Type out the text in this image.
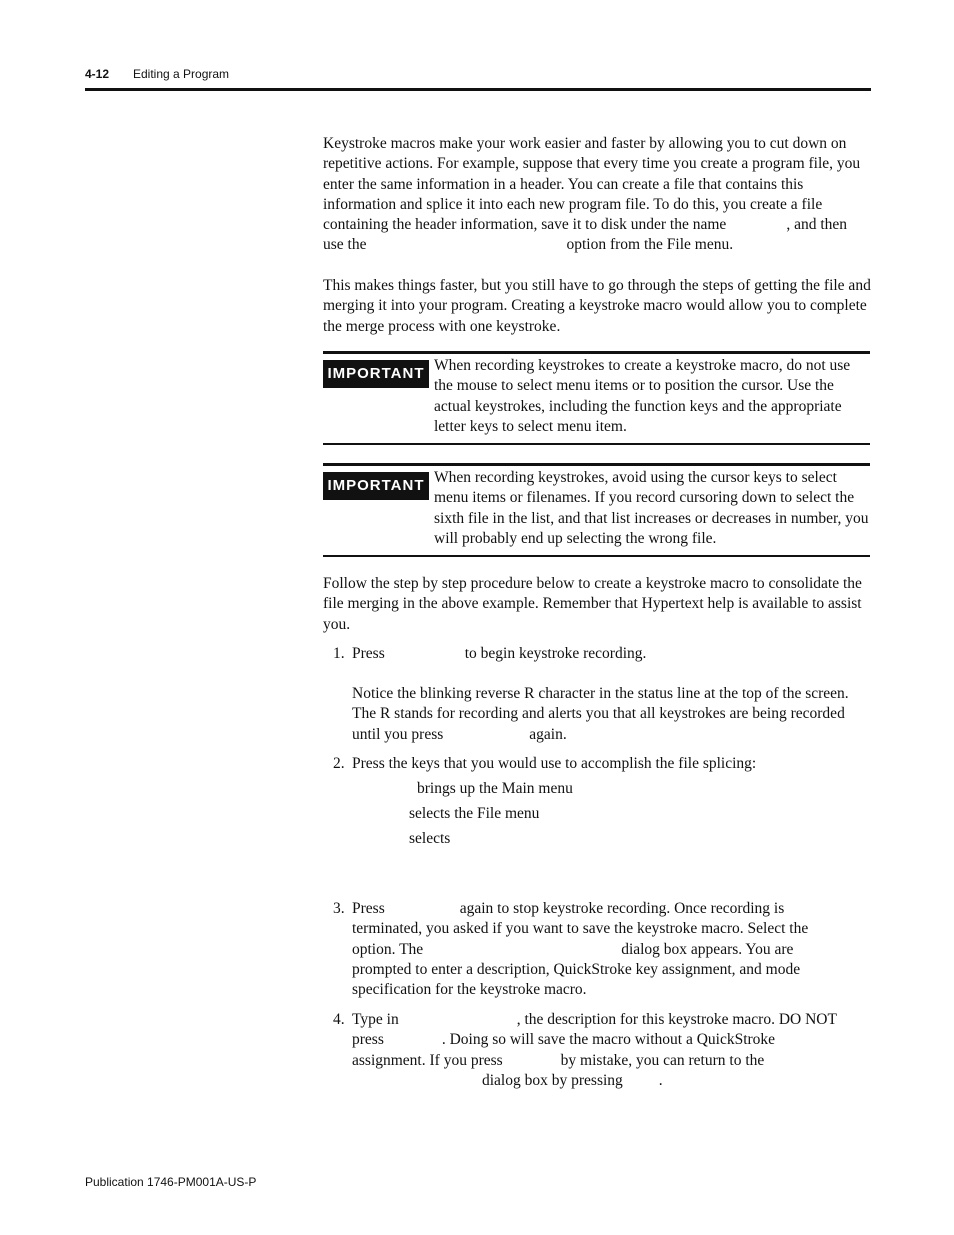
4-12 Editing a Program

Keystroke macros make your work easier and faster by allowing you to cut down on repetitive actions. For example, suppose that every time you create a program file, you enter the same information in a header. You can create a file that contains this information and splice it into each new program file. To do this, you create a file containing the header information, save it to disk under the name	, and then use the	option from the File menu.

This makes things faster, but you still have to go through the steps of getting the file and merging it into your program. Creating a keystroke macro would allow you to complete the merge process with one keystroke.

IMPORTANT When recording keystrokes to create a keystroke macro, do not use the mouse to select menu items or to position the cursor. Use the actual keystrokes, including the function keys and the appropriate letter keys to select menu item.
IMPORTANT When recording keystrokes, avoid using the cursor keys to select menu items or filenames. If you record cursoring down to select the sixth file in the list, and that list increases or decreases in number, you will probably end up selecting the wrong file.

Follow the step by step procedure below to create a keystroke macro to consolidate the file merging in the above example. Remember that Hypertext help is available to assist you.

1. Press	to begin keystroke recording.
Notice the blinking reverse R character in the status line at the top of the screen. The R stands for recording and alerts you that all keystrokes are being recorded until you press	again.
2. Press the keys that you would use to accomplish the file splicing:
brings up the Main menu
selects the File menu
selects
3. Press	again to stop keystroke recording. Once recording is
terminated, you asked if you want to save the keystroke macro. Select the
option. The	dialog box appears. You are
prompted to enter a description, QuickStroke key assignment, and mode
specification for the keystroke macro.
4. Type in	, the description for this keystroke macro. DO NOT
press	. Doing so will save the macro without a QuickStroke
assignment. If you press	by mistake, you can return to the
dialog box by pressing .
Publication 1746-PM001A-US-P
